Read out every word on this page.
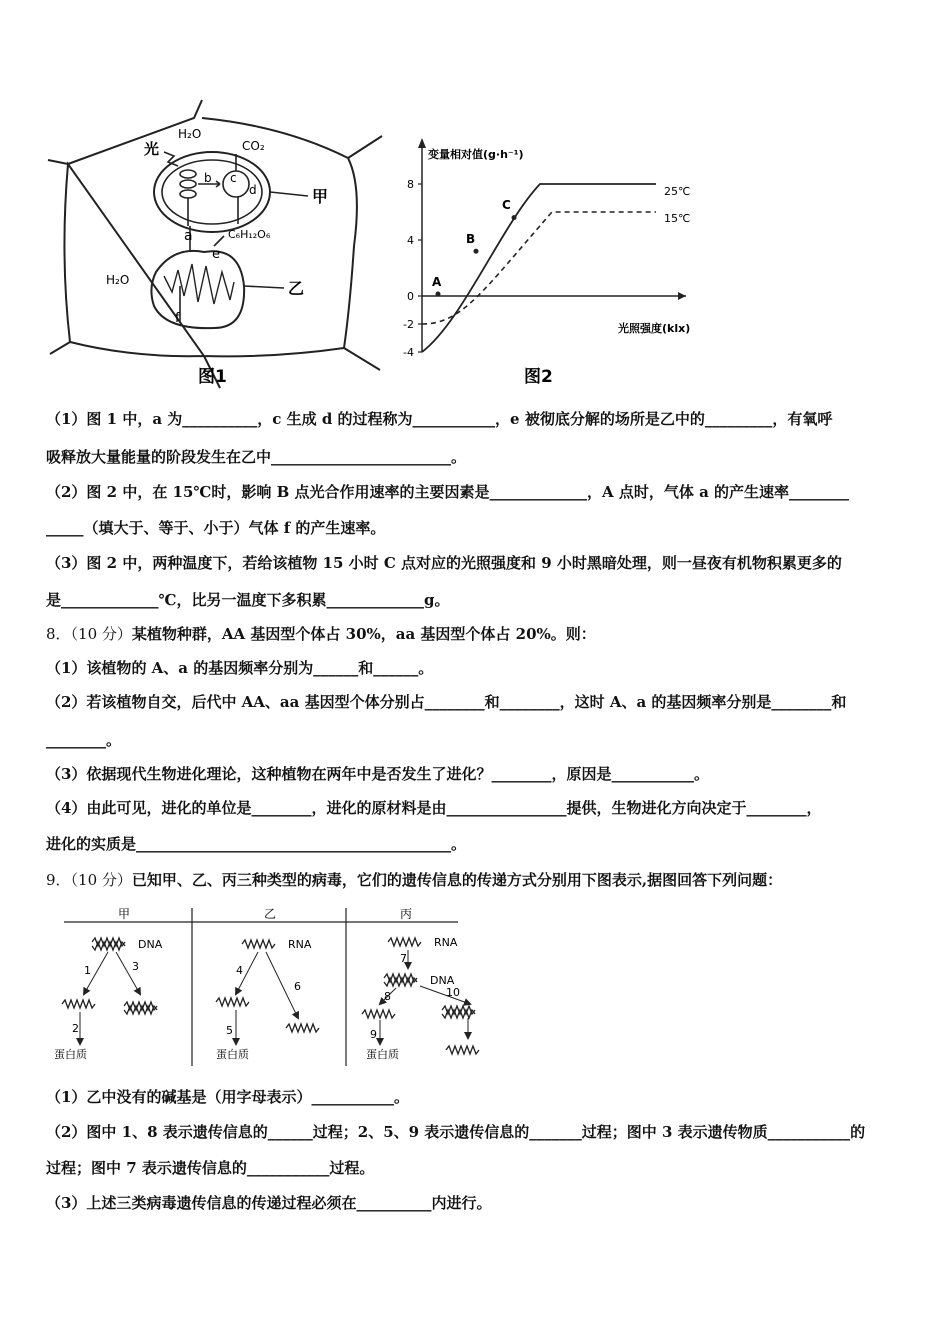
光
H₂O
CO₂
b c
d
a	C₆H₁₂O₆
e
H₂O
f
甲
乙
图1
8
4
0
-2
-4
A
B
C
变量相对值(g·h⁻¹)
光照强度(klx)
25℃
15℃
图2
（1）图 1 中，a 为__________，c 生成 d 的过程称为___________，e 被彻底分解的场所是乙中的_________，有氧呼
吸释放大量能量的阶段发生在乙中________________________。
（2）图 2 中，在 15℃时，影响 B 点光合作用速率的主要因素是_____________，A 点时，气体 a 的产生速率________
_____（填大于、等于、小于）气体 f 的产生速率。
（3）图 2 中，两种温度下，若给该植物 15 小时 C 点对应的光照强度和 9 小时黑暗处理，则一昼夜有机物积累更多的
是_____________℃，比另一温度下多积累_____________g。
8．（10 分）某植物种群，AA 基因型个体占 30%，aa 基因型个体占 20%。则：
（1）该植物的 A、a 的基因频率分别为______和______。
（2）若该植物自交，后代中 AA、aa 基因型个体分别占________和________，这时 A、a 的基因频率分别是________和
________。
（3）依据现代生物进化理论，这种植物在两年中是否发生了进化？________，原因是___________。
（4）由此可见，进化的单位是________，进化的原材料是由________________提供，生物进化方向决定于________，
进化的实质是__________________________________________。
9．（10 分）已知甲、乙、丙三种类型的病毒，它们的遗传信息的传递方式分别用下图表示,据图回答下列问题：
甲	乙	丙
DNA
1	3
2
蛋白质
RNA
4
6
5
蛋白质
RNA
7
DNA
8	10
9
蛋白质
（1）乙中没有的碱基是（用字母表示）___________。
（2）图中 1、8 表示遗传信息的______过程；2、5、9 表示遗传信息的_______过程；图中 3 表示遗传物质___________的
过程；图中 7 表示遗传信息的___________过程。
（3）上述三类病毒遗传信息的传递过程必须在__________内进行。
